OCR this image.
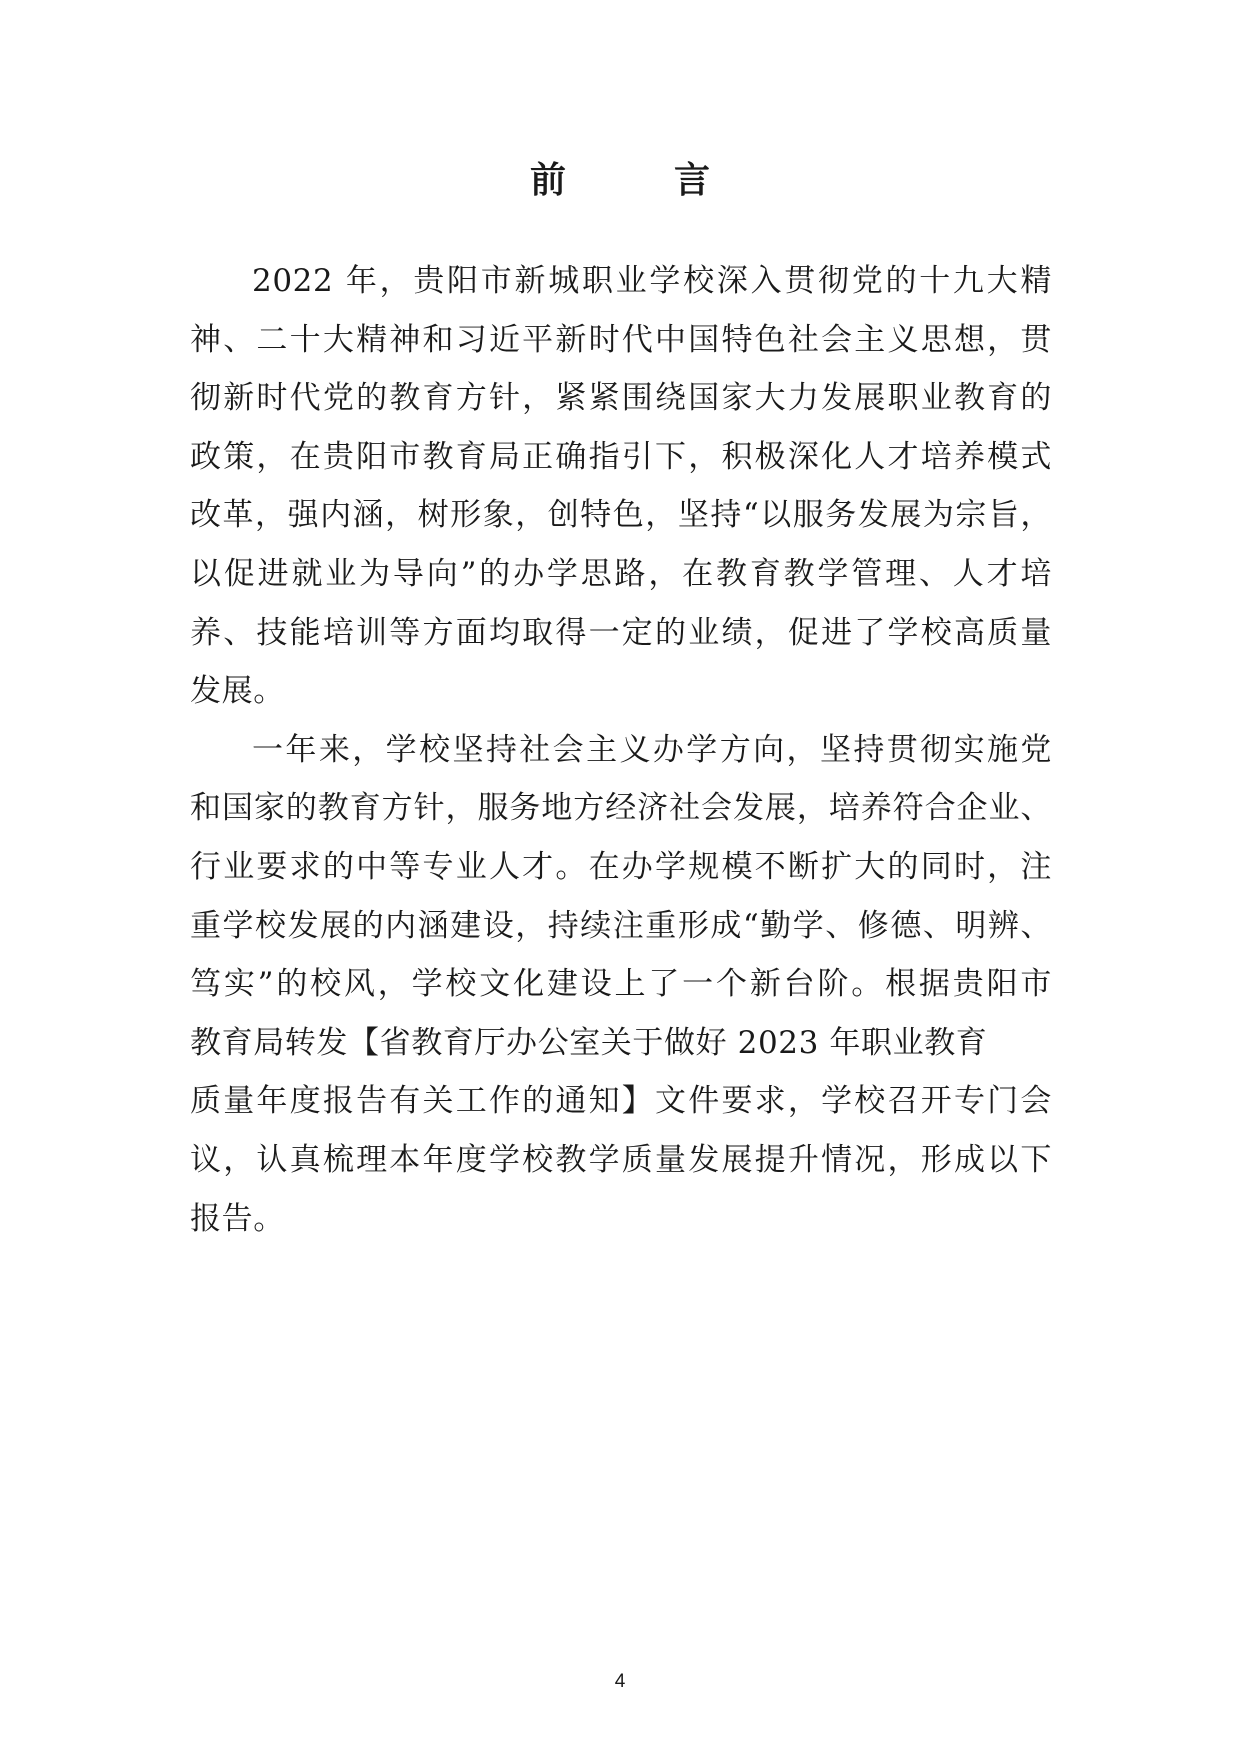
前　言
2022 年，贵阳市新城职业学校深入贯彻党的十九大精
神、二十大精神和习近平新时代中国特色社会主义思想，贯
彻新时代党的教育方针，紧紧围绕国家大力发展职业教育的
政策，在贵阳市教育局正确指引下，积极深化人才培养模式
改革，强内涵，树形象，创特色，坚持“以服务发展为宗旨，
以促进就业为导向”的办学思路，在教育教学管理、人才培
养、技能培训等方面均取得一定的业绩，促进了学校高质量
发展。
一年来，学校坚持社会主义办学方向，坚持贯彻实施党
和国家的教育方针，服务地方经济社会发展，培养符合企业、
行业要求的中等专业人才。在办学规模不断扩大的同时，注
重学校发展的内涵建设，持续注重形成“勤学、修德、明辨、
笃实”的校风，学校文化建设上了一个新台阶。根据贵阳市
教育局转发【省教育厅办公室关于做好 2023 年职业教育
质量年度报告有关工作的通知】文件要求，学校召开专门会
议，认真梳理本年度学校教学质量发展提升情况，形成以下
报告。
4
